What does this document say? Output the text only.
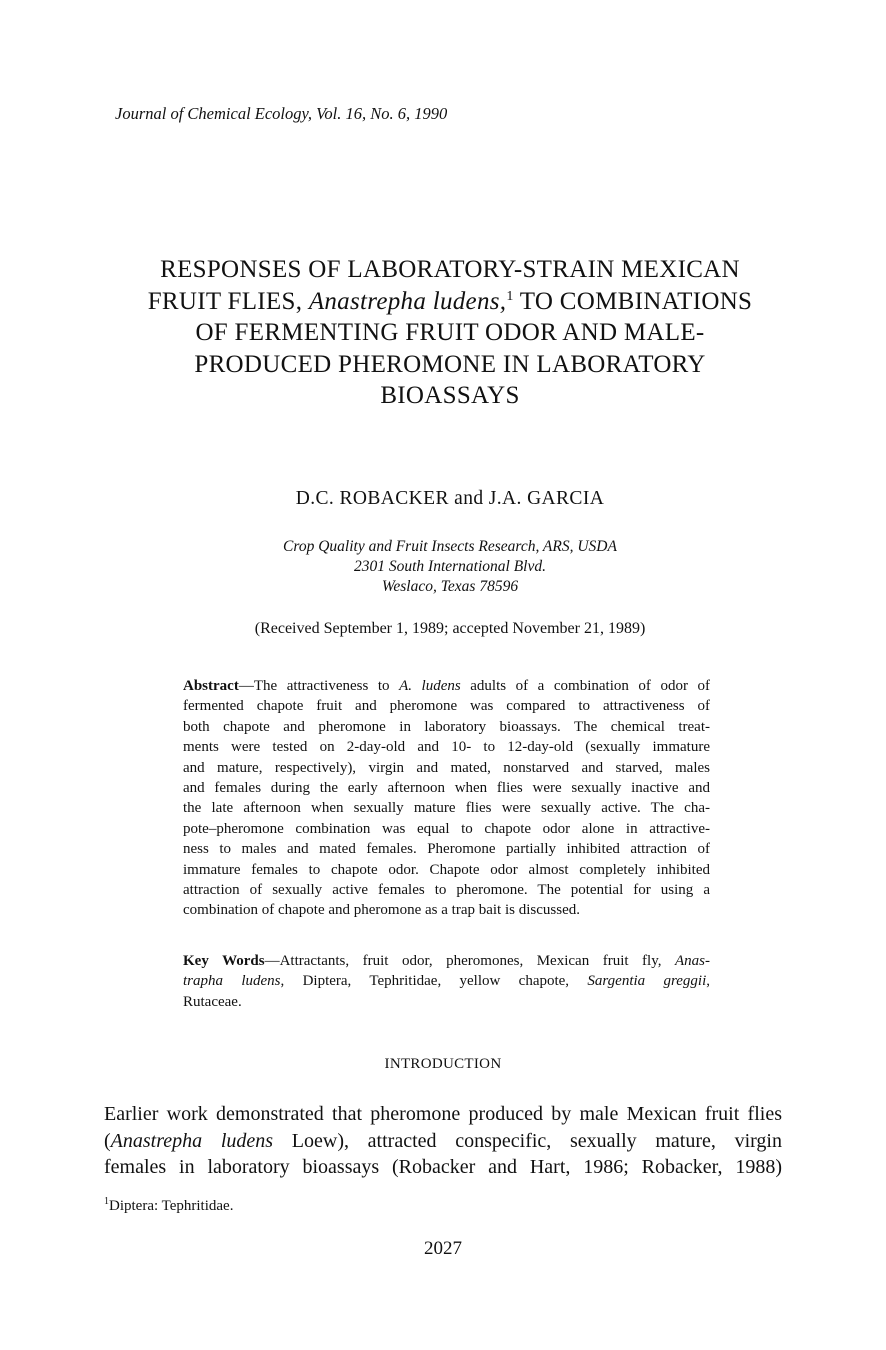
Journal of Chemical Ecology, Vol. 16, No. 6, 1990
RESPONSES OF LABORATORY-STRAIN MEXICAN
FRUIT FLIES, Anastrepha ludens,$^1$ TO COMBINATIONS
OF FERMENTING FRUIT ODOR AND MALE-
PRODUCED PHEROMONE IN LABORATORY
BIOASSAYS
D.C. ROBACKER and J.A. GARCIA
Crop Quality and Fruit Insects Research, ARS, USDA
2301 South International Blvd.
Weslaco, Texas 78596
(Received September 1, 1989; accepted November 21, 1989)
Abstract—The attractiveness to A. ludens adults of a combination of odor of
fermented chapote fruit and pheromone was compared to attractiveness of
both chapote and pheromone in laboratory bioassays. The chemical treat-
ments were tested on 2-day-old and 10- to 12-day-old (sexually immature
and mature, respectively), virgin and mated, nonstarved and starved, males
and females during the early afternoon when flies were sexually inactive and
the late afternoon when sexually mature flies were sexually active. The cha-
pote–pheromone combination was equal to chapote odor alone in attractive-
ness to males and mated females. Pheromone partially inhibited attraction of
immature females to chapote odor. Chapote odor almost completely inhibited
attraction of sexually active females to pheromone. The potential for using a
combination of chapote and pheromone as a trap bait is discussed.
Key Words—Attractants, fruit odor, pheromones, Mexican fruit fly, Anas-
trapha ludens, Diptera, Tephritidae, yellow chapote, Sargentia greggii,
Rutaceae.
INTRODUCTION
Earlier work demonstrated that pheromone produced by male Mexican fruit flies
(Anastrepha ludens Loew), attracted conspecific, sexually mature, virgin
females in laboratory bioassays (Robacker and Hart, 1986; Robacker, 1988)
$^1$Diptera: Tephritidae.
2027
